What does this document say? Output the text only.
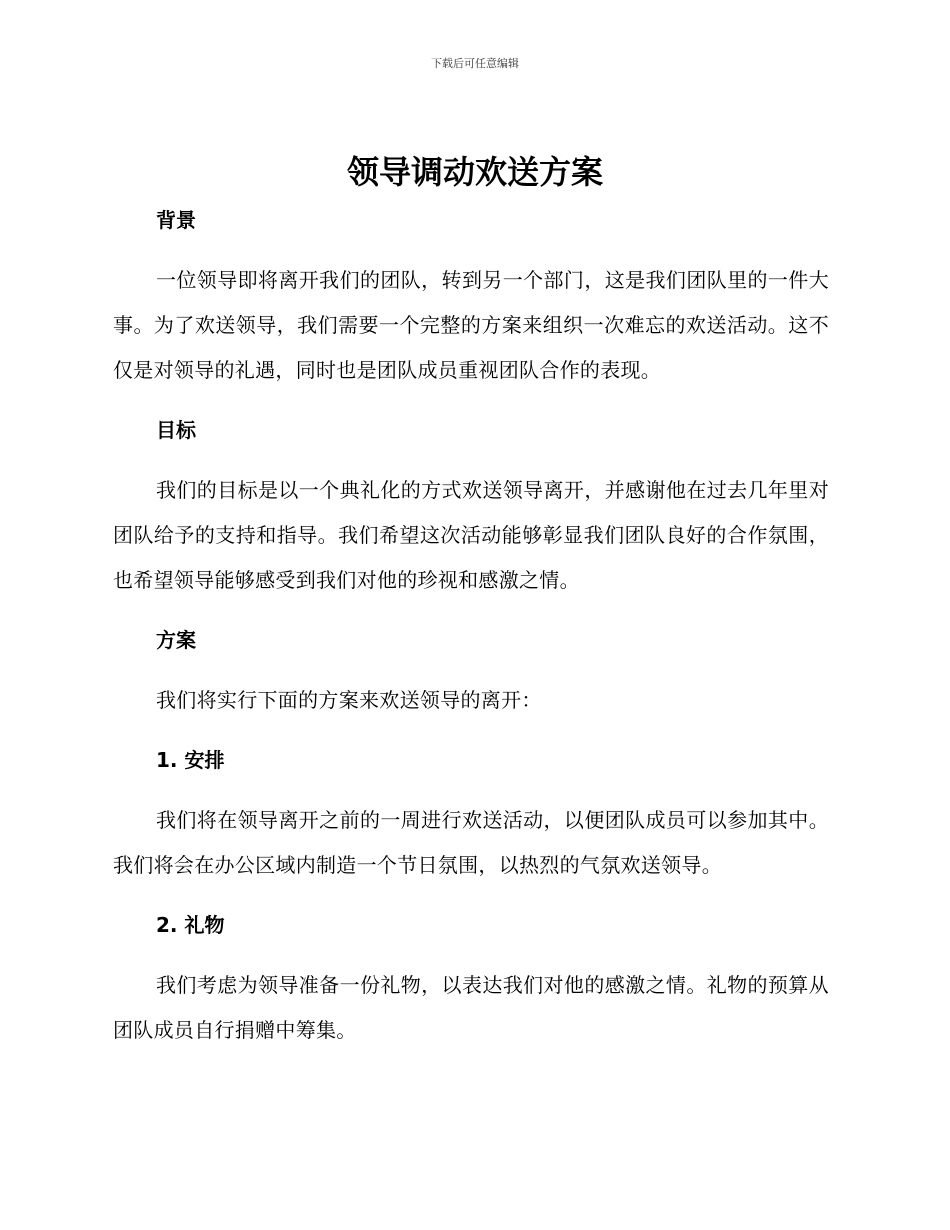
下载后可任意编辑
领导调动欢送方案
背景

一位领导即将离开我们的团队，转到另一个部门，这是我们团队里的一件大事。为了欢送领导，我们需要一个完整的方案来组织一次难忘的欢送活动。这不仅是对领导的礼遇，同时也是团队成员重视团队合作的表现。

目标

我们的目标是以一个典礼化的方式欢送领导离开，并感谢他在过去几年里对团队给予的支持和指导。我们希望这次活动能够彰显我们团队良好的合作氛围，也希望领导能够感受到我们对他的珍视和感激之情。

方案

我们将实行下面的方案来欢送领导的离开：

1. 安排

我们将在领导离开之前的一周进行欢送活动，以便团队成员可以参加其中。我们将会在办公区域内制造一个节日氛围，以热烈的气氛欢送领导。

2. 礼物

我们考虑为领导准备一份礼物，以表达我们对他的感激之情。礼物的预算从团队成员自行捐赠中筹集。
